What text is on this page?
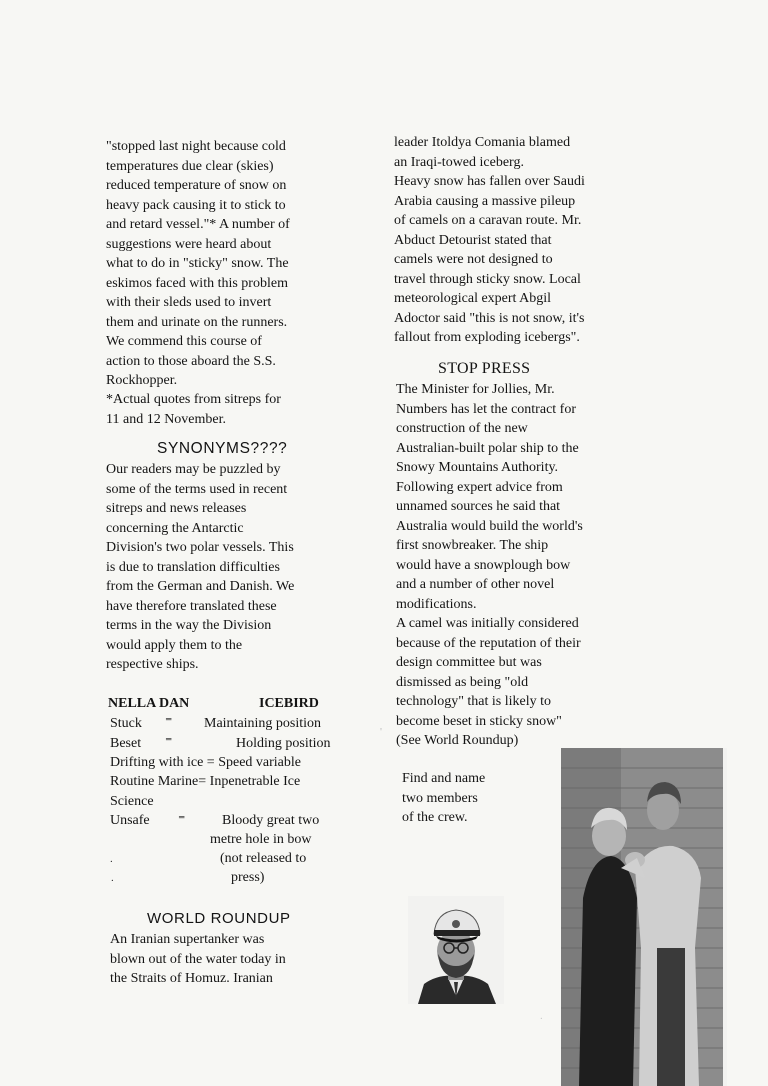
"stopped last night because cold
temperatures due clear (skies)
reduced temperature of snow on
heavy pack causing it to stick to
and retard vessel."* A number of
suggestions were heard about
what to do in "sticky" snow. The
eskimos faced with this problem
with their sleds used to invert
them and urinate on the runners.
We commend this course of
action to those aboard the S.S.
Rockhopper.
*Actual quotes from sitreps for
11 and 12 November.
SYNONYMS????
Our readers may be puzzled by
some of the terms used in recent
sitreps and news releases
concerning the Antarctic
Division's two polar vessels. This
is due to translation difficulties
from the German and Danish. We
have therefore translated these
terms in the way the Division
would apply them to the
respective ships.
NELLA DAN	ICEBIRD
Stuck ⁼ Maintaining position
Beset ⁼	Holding position
Drifting with ice = Speed variable
Routine Marine= Inpenetrable Ice
Science
Unsafe ⁼	Bloody great two
metre hole in bow
(not released to
press)
.
.
WORLD ROUNDUP
An Iranian supertanker was
blown out of the water today in
the Straits of Homuz. Iranian
leader Itoldya Comania blamed
an Iraqi-towed iceberg.
Heavy snow has fallen over Saudi
Arabia causing a massive pileup
of camels on a caravan route. Mr.
Abduct Detourist stated that
camels were not designed to
travel through sticky snow. Local
meteorological expert Abgil
Adoctor said "this is not snow, it's
fallout from exploding icebergs".
STOP PRESS
The Minister for Jollies, Mr.
Numbers has let the contract for
construction of the new
Australian-built polar ship to the
Snowy Mountains Authority.
Following expert advice from
unnamed sources he said that
Australia would build the world's
first snowbreaker. The ship
would have a snowplough bow
and a number of other novel
modifications.
A camel was initially considered
because of the reputation of their
design committee but was
dismissed as being "old
technology" that is likely to
become beset in sticky snow"
(See World Roundup)
Find and name
two members
of the crew.
'
.
